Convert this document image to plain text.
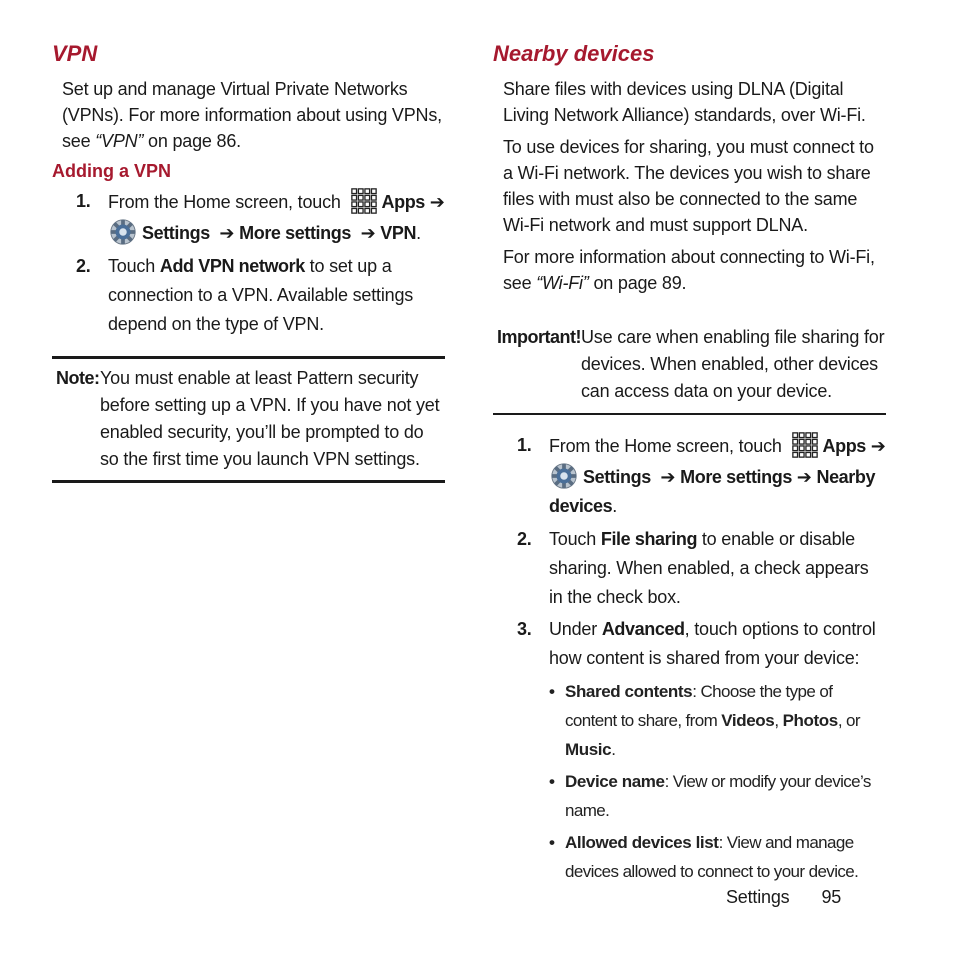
VPN

Set up and manage Virtual Private Networks (VPNs). For more information about using VPNs, see “VPN” on page 86.

Adding a VPN
1. From the Home screen, touch Apps ➔
Settings ➔ More settings ➔ VPN.
2. Touch Add VPN network to set up a connection to a VPN. Available settings depend on the type of VPN.
Note: You must enable at least Pattern security before setting up a VPN. If you have not yet enabled security, you’ll be prompted to do so the first time you launch VPN settings.
Nearby devices

Share files with devices using DLNA (Digital Living Network Alliance) standards, over Wi-Fi.

To use devices for sharing, you must connect to a Wi-Fi network. The devices you wish to share files with must also be connected to the same Wi-Fi network and must support DLNA.

For more information about connecting to Wi-Fi, see “Wi-Fi” on page 89.

Important! Use care when enabling file sharing for devices. When enabled, other devices can access data on your device.
1. From the Home screen, touch Apps ➔
Settings ➔ More settings ➔ Nearby devices.
2. Touch File sharing to enable or disable sharing. When enabled, a check appears in the check box.
3. Under Advanced, touch options to control how content is shared from your device:
• Shared contents: Choose the type of content to share, from Videos, Photos, or Music.
• Device name: View or modify your device’s name.
• Allowed devices list: View and manage devices allowed to connect to your device.
Settings 95
